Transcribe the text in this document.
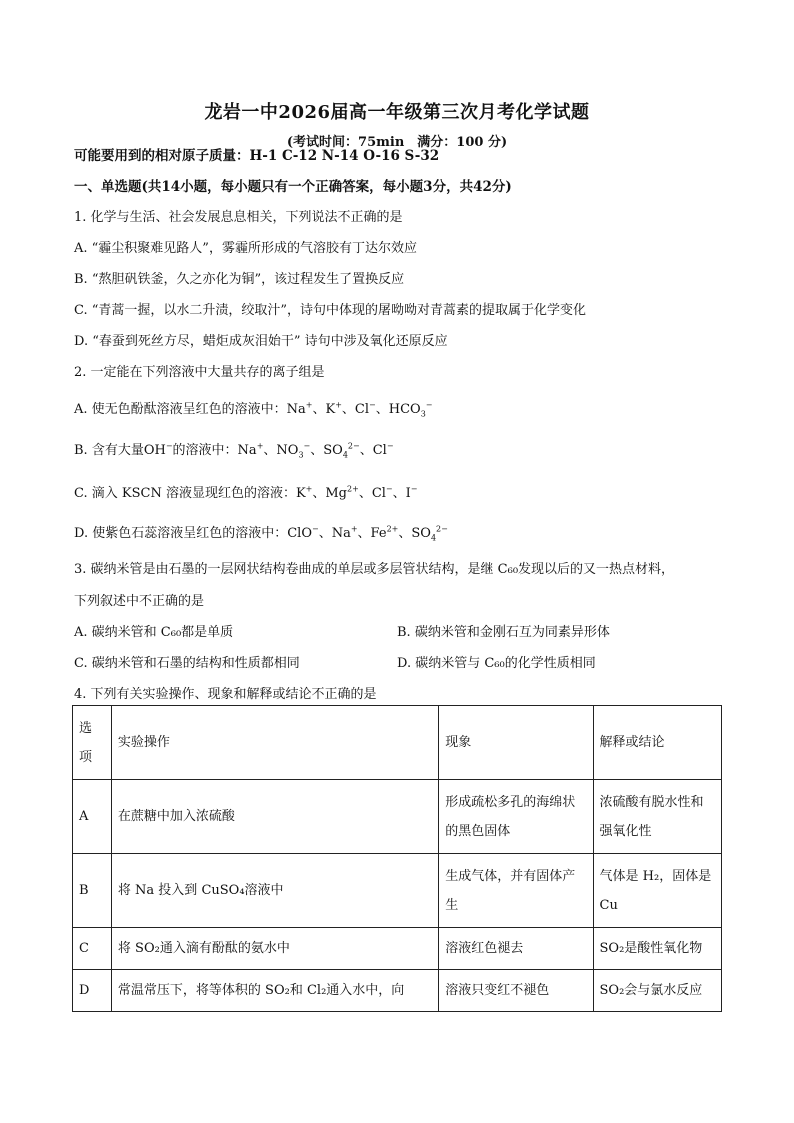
龙岩一中2026届高一年级第三次月考化学试题
(考试时间：75min　满分：100 分)
可能要用到的相对原子质量：H-1 C-12 N-14 O-16 S-32
一、单选题(共14小题，每小题只有一个正确答案，每小题3分，共42分)
1. 化学与生活、社会发展息息相关，下列说法不正确的是
A. “霾尘积聚难见路人”，雾霾所形成的气溶胶有丁达尔效应
B. “熬胆矾铁釜，久之亦化为铜”，该过程发生了置换反应
C. “青蒿一握，以水二升渍，绞取汁”，诗句中体现的屠呦呦对青蒿素的提取属于化学变化
D. “春蚕到死丝方尽，蜡炬成灰泪始干” 诗句中涉及氧化还原反应
2. 一定能在下列溶液中大量共存的离子组是
A. 使无色酚酞溶液呈红色的溶液中：Na+、K+、Cl−、$HCO_3^-$
B. 含有大量OH−的溶液中：Na+、$NO_3^-$、$SO_4^{2-}$、Cl−
C. 滴入 KSCN 溶液显现红色的溶液：K+、$Mg^{2+}$、Cl−、I−
D. 使紫色石蕊溶液呈红色的溶液中：ClO−、Na+、$Fe^{2+}$、$SO_4^{2-}$
3. 碳纳米管是由石墨的一层网状结构卷曲成的单层或多层管状结构，是继 C₆₀发现以后的又一热点材料，
下列叙述中不正确的是
A. 碳纳米管和 C₆₀都是单质	B. 碳纳米管和金刚石互为同素异形体
C. 碳纳米管和石墨的结构和性质都相同	D. 碳纳米管与 C₆₀的化学性质相同
4. 下列有关实验操作、现象和解释或结论不正确的是
选项	实验操作	现象	解释或结论
A	在蔗糖中加入浓硫酸	形成疏松多孔的海绵状的黑色固体	浓硫酸有脱水性和强氧化性
B	将 Na 投入到 CuSO₄溶液中	生成气体，并有固体产生	气体是 H₂，固体是 Cu
C	将 SO₂通入滴有酚酞的氨水中	溶液红色褪去	SO₂是酸性氧化物
D	常温常压下，将等体积的 SO₂和 Cl₂通入水中，向	溶液只变红不褪色	SO₂会与氯水反应
